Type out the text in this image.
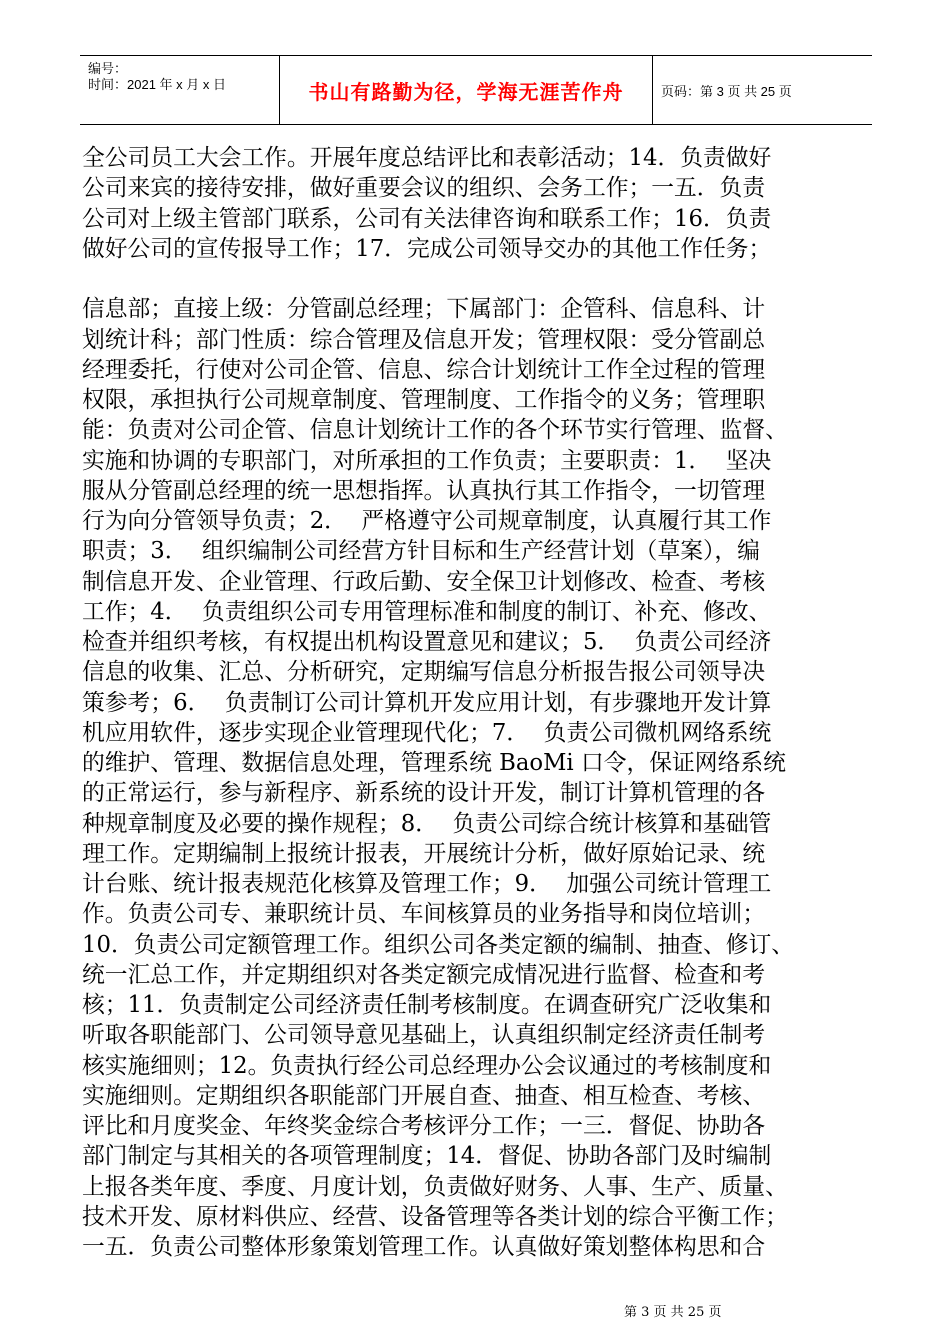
编号：
时间：2021 年 x 月 x 日	书山有路勤为径，学海无涯苦作舟	页码：第 3 页 共 25 页
全公司员工大会工作。开展年度总结评比和表彰活动；14．负责做好
公司来宾的接待安排，做好重要会议的组织、会务工作；一五．负责
公司对上级主管部门联系，公司有关法律咨询和联系工作；16．负责
做好公司的宣传报导工作；17．完成公司领导交办的其他工作任务；
信息部；直接上级：分管副总经理；下属部门：企管科、信息科、计
划统计科；部门性质：综合管理及信息开发；管理权限：受分管副总
经理委托，行使对公司企管、信息、综合计划统计工作全过程的管理
权限，承担执行公司规章制度、管理制度、工作指令的义务；管理职
能：负责对公司企管、信息计划统计工作的各个环节实行管理、监督、
实施和协调的专职部门，对所承担的工作负责；主要职责：1．  坚决
服从分管副总经理的统一思想指挥。认真执行其工作指令，一切管理
行为向分管领导负责；2．  严格遵守公司规章制度，认真履行其工作
职责；3．  组织编制公司经营方针目标和生产经营计划（草案），编
制信息开发、企业管理、行政后勤、安全保卫计划修改、检查、考核
工作；4．  负责组织公司专用管理标准和制度的制订、补充、修改、
检查并组织考核，有权提出机构设置意见和建议；5．  负责公司经济
信息的收集、汇总、分析研究，定期编写信息分析报告报公司领导决
策参考；6．  负责制订公司计算机开发应用计划，有步骤地开发计算
机应用软件，逐步实现企业管理现代化；7．  负责公司微机网络系统
的维护、管理、数据信息处理，管理系统 BaoMi 口令，保证网络系统
的正常运行，参与新程序、新系统的设计开发，制订计算机管理的各
种规章制度及必要的操作规程；8．  负责公司综合统计核算和基础管
理工作。定期编制上报统计报表，开展统计分析，做好原始记录、统
计台账、统计报表规范化核算及管理工作；9．  加强公司统计管理工
作。负责公司专、兼职统计员、车间核算员的业务指导和岗位培训；
10．负责公司定额管理工作。组织公司各类定额的编制、抽查、修订、
统一汇总工作，并定期组织对各类定额完成情况进行监督、检查和考
核；11．负责制定公司经济责任制考核制度。在调查研究广泛收集和
听取各职能部门、公司领导意见基础上，认真组织制定经济责任制考
核实施细则；12。负责执行经公司总经理办公会议通过的考核制度和
实施细则。定期组织各职能部门开展自查、抽查、相互检查、考核、
评比和月度奖金、年终奖金综合考核评分工作；一三．督促、协助各
部门制定与其相关的各项管理制度；14．督促、协助各部门及时编制
上报各类年度、季度、月度计划，负责做好财务、人事、生产、质量、
技术开发、原材料供应、经营、设备管理等各类计划的综合平衡工作；
一五．负责公司整体形象策划管理工作。认真做好策划整体构思和合
第 3 页 共 25 页
